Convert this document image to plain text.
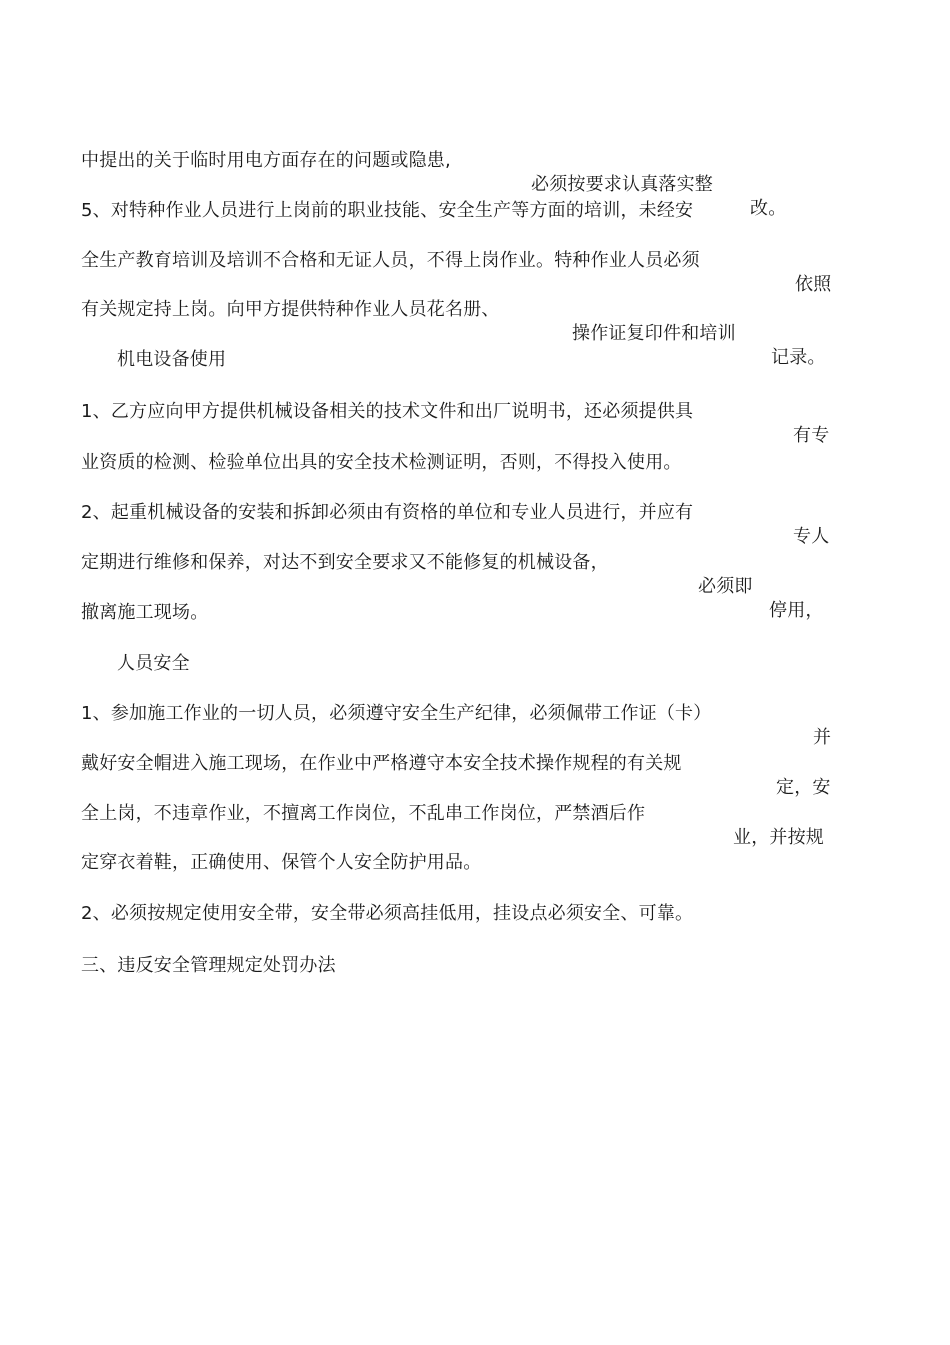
中提出的关于临时用电方面存在的问题或隐患,

必须按要求认真落实整

改。

5、对特种作业人员进行上岗前的职业技能、安全生产等方面的培训，未经安

全生产教育培训及培训不合格和无证人员，不得上岗作业。特种作业人员必须

依照

有关规定持上岗。向甲方提供特种作业人员花名册、

操作证复印件和培训

记录。

机电设备使用

1、乙方应向甲方提供机械设备相关的技术文件和出厂说明书，还必须提供具

有专

业资质的检测、检验单位出具的安全技术检测证明，否则，不得投入使用。

2、起重机械设备的安装和拆卸必须由有资格的单位和专业人员进行，并应有

专人

定期进行维修和保养，对达不到安全要求又不能修复的机械设备，

必须即

停用，

撤离施工现场。

人员安全

1、参加施工作业的一切人员，必须遵守安全生产纪律，必须佩带工作证（卡）

并

戴好安全帽进入施工现场，在作业中严格遵守本安全技术操作规程的有关规

定，安

全上岗，不违章作业，不擅离工作岗位，不乱串工作岗位，严禁酒后作

业，并按规

定穿衣着鞋，正确使用、保管个人安全防护用品。

2、必须按规定使用安全带，安全带必须高挂低用，挂设点必须安全、可靠。

三、违反安全管理规定处罚办法
